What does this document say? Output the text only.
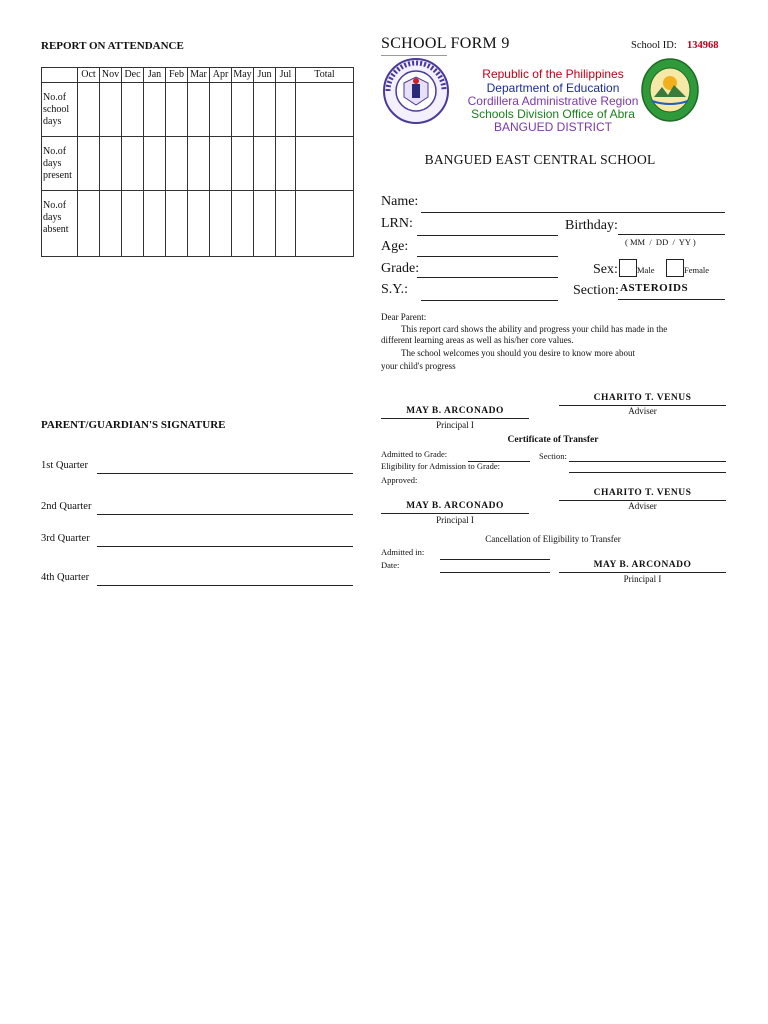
REPORT ON ATTENDANCE
	Oct	Nov	Dec	Jan	Feb	Mar	Apr	May	Jun	Jul	Total

No.of
school
days											

No.of
days
present											

No.of
days
absent											

PARENT/GUARDIAN'S SIGNATURE
1st Quarter
2nd Quarter
3rd Quarter
4th Quarter
SCHOOL FORM 9	School ID: 134968
Republic of the Philippines
Department of Education
Cordillera Administrative Region
Schools Division Office of Abra
BANGUED DISTRICT
BANGUED EAST CENTRAL SCHOOL
Name:
LRN:	Birthday:
( MM  /  DD  /  YY )
Age:
Grade:	Sex: Male	Female
S.Y.:	Section: ASTEROIDS
Dear Parent:
This report card shows the ability and progress your child has made in the
different learning areas as well as his/her core values.
The school welcomes you should you desire to know more about
your child's progress
CHARITO T. VENUS
Adviser
MAY B. ARCONADO
Principal I
Certificate of Transfer
Admitted to Grade:	Section:
Eligibility for Admission to Grade:
Approved:
CHARITO T. VENUS
Adviser
MAY B. ARCONADO
Principal I
Cancellation of Eligibility to Transfer
Admitted in:
Date:	MAY B. ARCONADO
Principal I
